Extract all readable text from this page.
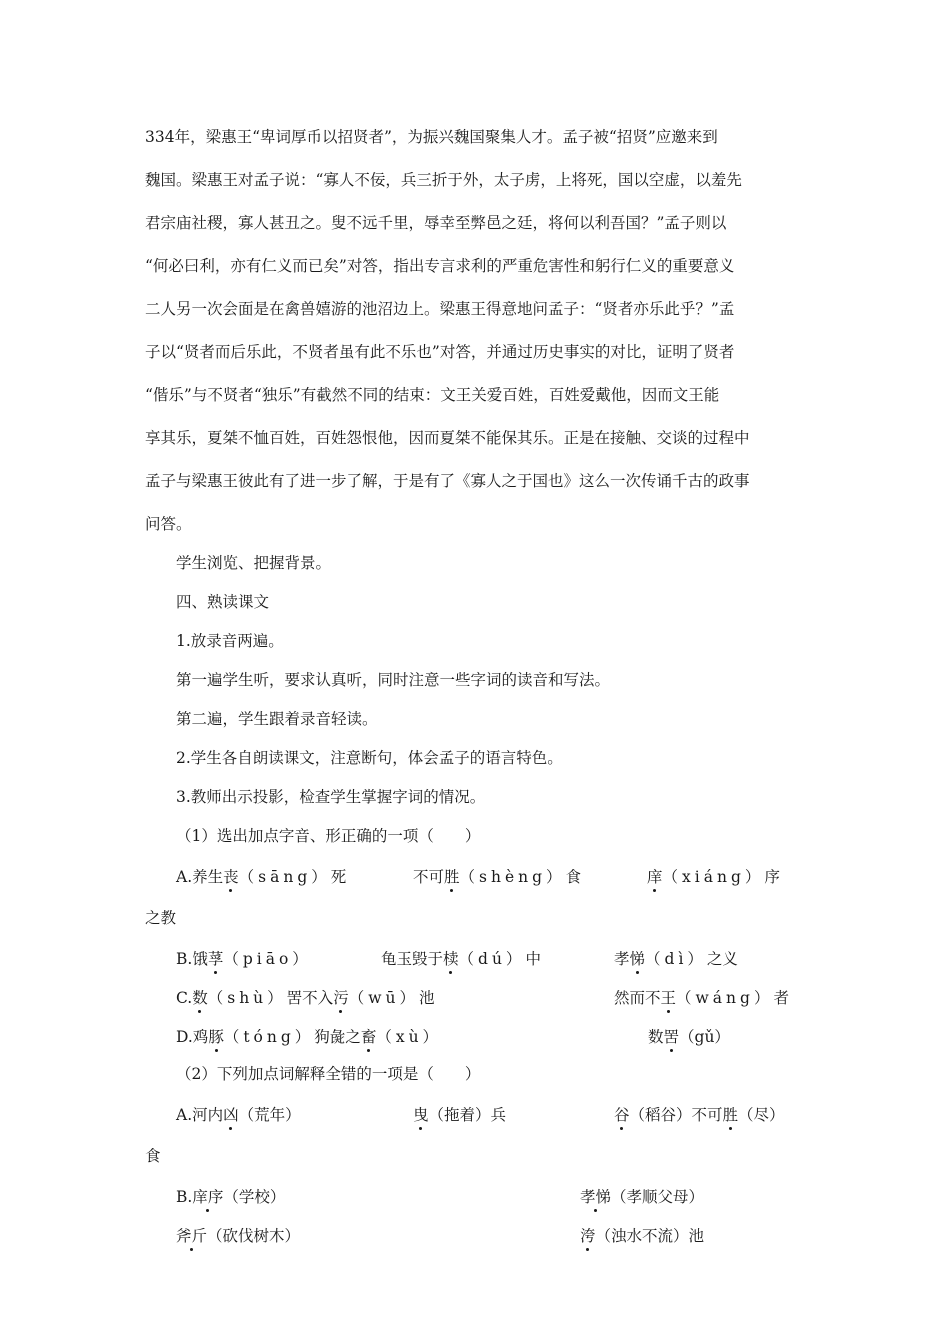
334年，梁惠王“卑词厚币以招贤者”，为振兴魏国聚集人才。孟子被“招贤”应邀来到
魏国。梁惠王对孟子说：“寡人不佞，兵三折于外，太子虏，上将死，国以空虚，以羞先
君宗庙社稷，寡人甚丑之。叟不远千里，辱幸至弊邑之廷，将何以利吾国？”孟子则以
“何必曰利，亦有仁义而已矣”对答，指出专言求利的严重危害性和躬行仁义的重要意义
二人另一次会面是在禽兽嬉游的池沼边上。梁惠王得意地问孟子：“贤者亦乐此乎？”孟
子以“贤者而后乐此，不贤者虽有此不乐也”对答，并通过历史事实的对比，证明了贤者
“偕乐”与不贤者“独乐”有截然不同的结束：文王关爱百姓，百姓爱戴他，因而文王能
享其乐，夏桀不恤百姓，百姓怨恨他，因而夏桀不能保其乐。正是在接触、交谈的过程中
孟子与梁惠王彼此有了进一步了解，于是有了《寡人之于国也》这么一次传诵千古的政事
问答。
学生浏览、把握背景。
四、熟读课文
1.放录音两遍。
第一遍学生听，要求认真听，同时注意一些字词的读音和写法。
第二遍，学生跟着录音轻读。
2.学生各自朗读课文，注意断句，体会孟子的语言特色。
3.教师出示投影，检查学生掌握字词的情况。
（1）选出加点字音、形正确的一项（　　）
A.养生丧（sāng）死	不可胜（shèng）食	庠（xiáng）序
之教
B.饿莩（piāo）	龟玉毁于椟（dú）中	孝悌（dì）之义
C.数（shù）罟不入污（wū）池	然而不王（wáng）者
D.鸡豚（tóng）狗彘之畜（xù）	数罟（gǔ）
（2）下列加点词解释全错的一项是（　　）
A.河内凶（荒年）	曳（拖着）兵	谷（稻谷）不可胜（尽）
食
B.庠序（学校）	孝悌（孝顺父母）
斧斤（砍伐树木）	洿（浊水不流）池
